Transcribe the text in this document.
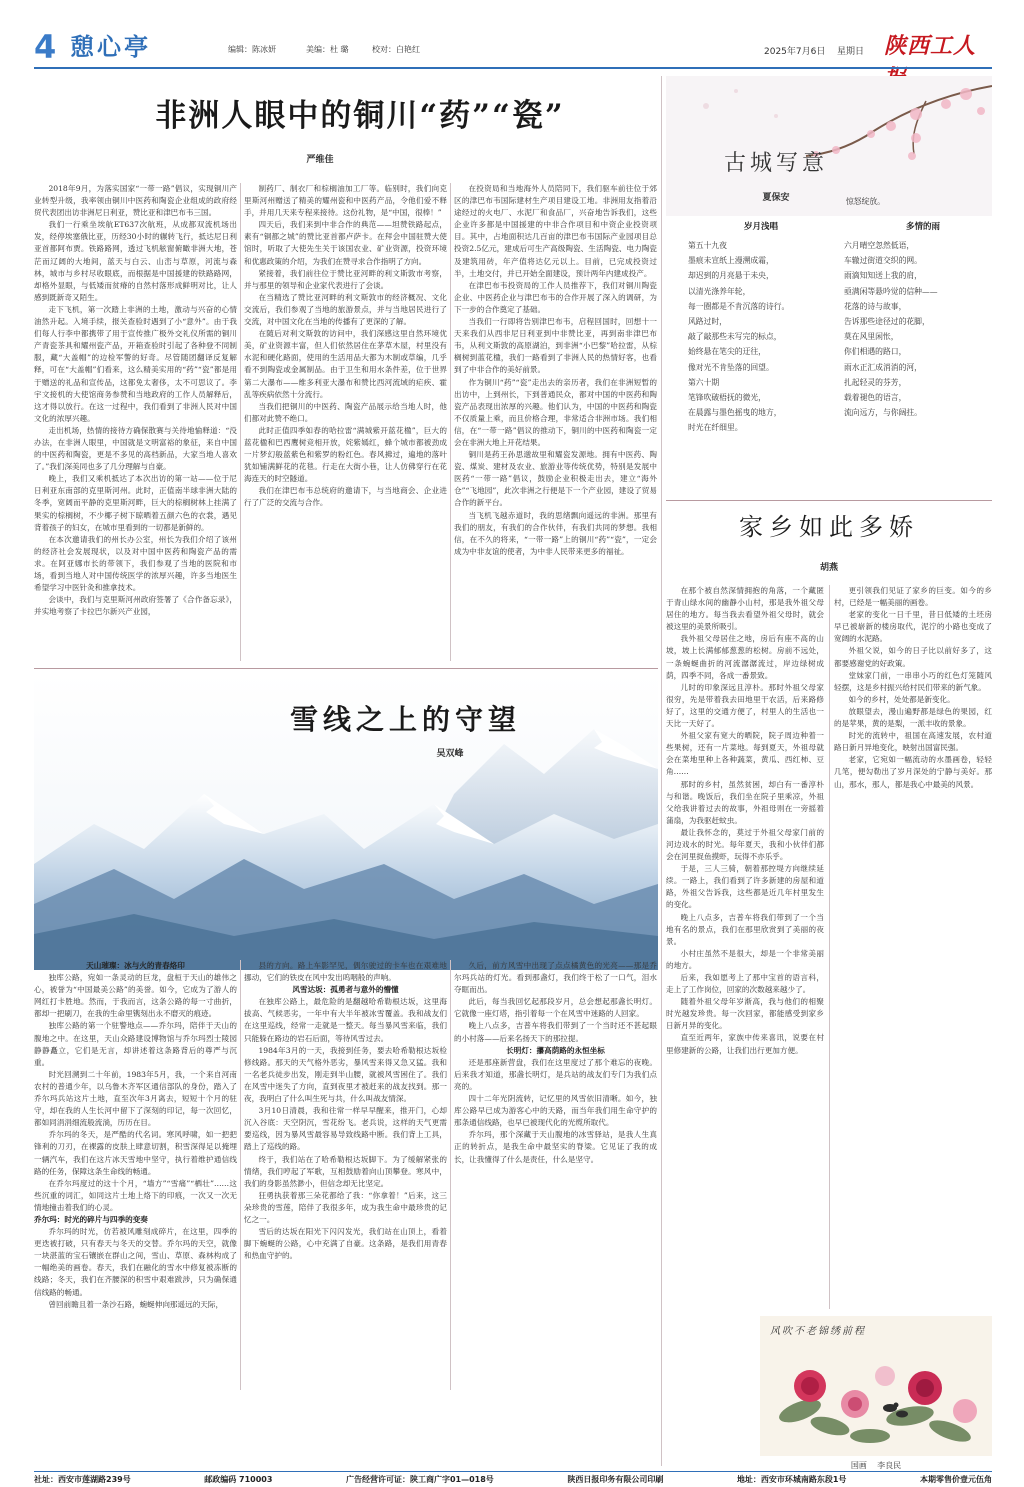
4 憩心亭	编辑：陈冰妍	美编：杜 璐	校对：白艳红	2025年7月6日 星期日 陕西工人
非洲人眼中的铜川“药”“瓷”
严维佳

2018年9月，为落实国家“一带一路”倡议，实现铜川产业转型升级，我率领由铜川中医药和陶瓷企业组成的政府经贸代表团出访非洲尼日利亚，赞比亚和津巴布韦三国。

我们一行乘坐埃航ET637次航班，从成都双流机场出发，经停埃塞俄比亚，历经30小时的辗转飞行，抵达尼日利亚首都阿布贾。铁路路网，透过飞机舷窗俯瞰非洲大地，苍茫而辽阔的大地间，蓝天与白云、山峦与草原，河流与森林，城市与乡村尽收眼底，而根据是中国援建的铁路路网，却格外显眼，与低矮而贫瘠的自然村落形成鲜明对比，让人感到既新奇又陌生。

走下飞机，第一次踏上非洲的土地，激动与兴奋的心情油然升起。入境手续，报关查验时遇到了小“意外”。由于我们每人行李中都携带了用于宣传推广极外交礼仪所需的铜川产青瓷茶具和耀州瓷产品，开箱查验时引起了各种登不同制服，藏“大盖帽”的边检军警的好奇。尽管随团翻译反复解释，可在“大盖帽”们看来，这么精美实用的“药”“瓷”都是用于赠送的礼品和宣传品，这都免太奢侈，太不可思议了。李宇文接机的大使馆商务参赞和当地政府的工作人员解释后，这才得以放行。在这一过程中，我们看到了非洲人民对中国文化的浓厚兴趣。

走出机场，热情的接待方确保散赛与关待地愉释道：“没办法，在非洲人眼里，中国就是文明富裕的象征，来自中国的中医药和陶瓷，更是不多见的高档新品，大家当地人喜欢了。”我们深美同也多了几分理解与自豪。

晚上，我们又乘机抵达了本次出访的第一站——位于尼日利亚东南部的克里斯河州。此时，正值南半球非洲大陆的冬季，宽阔而平静的克里斯河畔，巨大的棕榈树林上挂满了果实的棕榈树，不少椰子树下晾晒着五颜六色的衣裳，遇见背着孩子的妇女，在城市里看到的一切都是新鲜的。

在本次邀请我们的州长办公室，州长为我们介绍了该州的经济社会发展现状，以及对中国中医药和陶瓷产品的需求。在阿亚娜市长的带领下，我们参观了当地的医院和市场，看到当地人对中国传统医学的浓厚兴趣，许多当地医生希望学习中医针灸和推拿技术。

会谈中，我们与克里斯河州政府签署了《合作备忘录》，并实地考察了卡拉巴尔新兴产业园，

制药厂、制衣厂和棕榈油加工厂等。临别时，我们向克里斯河州赠送了精美的耀州瓷和中医药产品，令他们爱不释手，并用几天来专程来接待。这份礼物，是“中国，很棒！”

四天后，我们来到中非合作的典范——坦赞铁路起点，素有“铜都之城”的赞比亚首都卢萨卡。在拜会中国驻赞大使馆时，听取了大使先生关于该国农业、矿业资源，投资环境和优惠政策的介绍，为我们在赞寻求合作指明了方向。

紧接着，我们前往位于赞比亚河畔的利文斯敦市考察，并与那里的领导和企业家代表进行了会谈。

在当精选了赞比亚河畔的利文斯敦市的经济概况、文化交流后，我们参观了当地的旅游景点，并与当地居民进行了交流，对中国文化在当地的传播有了更深的了解。

在随后对利文斯敦的访问中，我们深感这里自然环境优美，矿业资源丰富，但人们依然居住在茅草木屋，村里没有水泥和硬化路面，使用的生活用品大都为木制或草编，几乎看不到陶瓷或金属制品。由于卫生和用水条件差，位于世界第二大瀑布——维多利亚大瀑布和赞比西河流域的疟疾、霍乱等疾病依然十分流行。

当我们把铜川的中医药、陶瓷产品展示给当地人时，他们都对此赞不绝口。

此时正值四季如春的哈拉雷“满城紫开蓝花楹”，巨大的蓝花楹和巴西鹰树竞相开放，姹紫嫣红，蜂个城市都被劲成一片梦幻般蓝紫色和紫罗的粉红色。春风拂过，遍地的落叶犹如铺满鲜花的花毯。行走在大街小巷，让人仿佛穿行在花海连天的时空隧道。

我们在津巴布韦总统府的邀请下，与当地商会、企业进行了广泛的交流与合作。

在投资局和当地海外人员陪同下，我们驱车前往位于郊区的津巴布韦国际建材生产项目建设工地。非洲用友指着沿途经过的火电厂、水泥厂和食品厂，兴奋地告诉我们，这些企业许多都是中国援建的中非合作项目和中资企业投资项目。其中，占地面积达几百亩的津巴布韦国际产业园项目总投资2.5亿元，建成后可生产高级陶瓷、生活陶瓷、电力陶瓷及建筑用砖，年产值将达亿元以上。目前，已完成投资过半，土地交付，并已开始全面建设，预计两年内建成投产。

在津巴布韦投资局的工作人员推荐下，我们对铜川陶瓷企业、中医药企业与津巴布韦的合作开展了深入的调研，为下一步的合作奠定了基础。

当我们一行即将告别津巴布韦，启程回国时，回想十一天来我们从西非尼日利亚到中非赞比亚，再到南非津巴布韦，从利文斯敦的高原湖泊，到非洲“小巴黎”哈拉雷，从棕榈树到蓝花楹，我们一路看到了非洲人民的热情好客，也看到了中非合作的美好前景。

作为铜川“药”“瓷”走出去的亲历者，我们在非洲短暂的出访中，上到州长，下到普通民众，都对中国的中医药和陶瓷产品表现出浓厚的兴趣。他们认为，中国的中医药和陶瓷不仅质量上乘，而且价格合理，非常适合非洲市场。我们相信，在“一带一路”倡议的推动下，铜川的中医药和陶瓷一定会在非洲大地上开花结果。

铜川是药王孙思邈故里和耀瓷发源地。拥有中医药、陶瓷、煤炭、建材及农业、旅游业等传统优势，特别是发展中医药“一带一路”倡议，鼓励企业积极走出去，建立“海外仓”“飞地园”，此次非洲之行便是下一个产业园，建设了贸易合作的新平台。

当飞机飞越赤道时，我的思绪飘向遥远的非洲。那里有我们的朋友，有我们的合作伙伴，有我们共同的梦想。我相信，在不久的将来，“一带一路”上的铜川“药”“瓷”，一定会成为中非友谊的使者，为中非人民带来更多的福祉。

雪线之上的守望
吴双峰

天山璀璨：冰与火的青春烙印

独库公路，宛如一条灵动的巨龙，盘桓于天山的雄伟之心，被誉为“中国最美公路”的美誉。如今，它成为了游人的网红打卡胜地。然而，于我而言，这条公路的每一寸曲折，都却一把刷刀，在我的生命里镌刻出永不磨灭的痕迹。

独库公路的第一个驻警地点——乔尔玛，陪伴于天山的腹地之中。在这里，天山众路建设博物馆与乔尔玛烈士陵园静静矗立，它们是无言，却讲述着这条路背后的尊严与沉重。

时光回溯到二十年前，1983年5月，我，一个来自河南农村的普通少年，以乌鲁木齐军区通信部队的身份，踏入了乔尔玛兵站这片土地，直至次年3月离去，短短十个月的驻守，却在我的人生长河中留下了深刻的印记，每一次回忆，都如同涓涓细流般流淌，历历在目。

乔尔玛的冬天，是严酷的代名词。寒风呼啸，如一把把锋利的刀刃，在裸露的皮肤上肆意切割，积雪深得足以掩埋一辆汽车，我们在这片冰天雪地中坚守，执行着维护通信线路的任务，保障这条生命线的畅通。

在乔尔玛度过的这十个月，“墙方”“雪痛”“栖壮”……这些沉重的词汇，如同这片土地上烙下的印痕，一次又一次无情地撞击着我们的心灵。

乔尔玛：时光的碎片与四季的变奏

乔尔玛的时光，仿若被风雕刻成碎片，在这里，四季的更迭被打破，只有春天与冬天的交替。乔尔玛的天空，就像一块湛蓝的宝石镶嵌在群山之间，雪山、草原、森林构成了一幅绝美的画卷。春天，我们在融化的雪水中修复被冻断的线路；冬天，我们在齐腰深的积雪中艰难跋涉，只为确保通信线路的畅通。

曾回前瞻且着一条沙石路，蜿蜒伸向那遥远的天际，

县的方向。路上车影罕见，偶尔驶过的卡车也在艰难地挪动，它们的铁皮在风中发出呜咽般的声响。

风雪达坂：孤勇者与意外的懵懂

在独库公路上，最危险的是翻越哈希勒根达坂，这里海拔高、气候恶劣，一年中有大半年被冰雪覆盖。我和战友们在这里巡线，经常一走就是一整天。每当暴风雪来临，我们只能躲在路边的岩石后面，等待风雪过去。

1984年3月的一天，我接到任务，要去哈希勒根达坂检修线路。那天的天气格外恶劣，暴风雪来得又急又猛。我和一名老兵徒步出发，刚走到半山腰，就被风雪困住了。我们在风雪中迷失了方向，直到夜里才被赶来的战友找到。那一夜，我明白了什么叫生死与共，什么叫战友情深。

3月10日清晨，我和往常一样早早醒来，推开门，心却沉入谷底：天空阴沉，雪花纷飞。老兵说，这样的天气更需要巡线，因为暴风雪最容易导致线路中断。我们背上工具，踏上了巡线的路。

终于，我们站在了哈希勒根达坂脚下。为了缓解紧张的情绪，我们哼起了军歌，互相鼓励着向山顶攀登。寒风中，我们的身影虽然渺小，但信念却无比坚定。

狂勇执获着那三朵花都给了我：“你拿着！”后来，这三朵珍贵的雪莲，陪伴了我很多年，成为我生命中最珍贵的记忆之一。

雪后的达坂在阳光下闪闪发光，我们站在山顶上，看着脚下蜿蜒的公路，心中充满了自豪。这条路，是我们用青春和热血守护的。

久后，前方风雪中出现了点点橘黄色的光亮——那是乔尔玛兵站的灯光。看到那盏灯，我们终于松了一口气，泪水夺眶而出。

此后，每当我回忆起那段岁月，总会想起那盏长明灯。它就像一座灯塔，指引着每一个在风雪中迷路的人回家。

晚上八点多，吉普车将我们带到了一个当时还不甚起眼的小村落——后来名扬天下的那拉提。

长明灯：攥高荫路的永恒坐标

还是那座新营盘，我们在这里度过了那个难忘的夜晚。后来我才知道，那盏长明灯，是兵站的战友们专门为我们点亮的。

四十二年光阴流转，记忆里的风雪依旧清晰。如今，独库公路早已成为游客心中的天路，而当年我们用生命守护的那条通信线路，也早已被现代化的光缆所取代。

乔尔玛，那个深藏于天山腹地的冰雪驿站，是我人生真正的转折点，是我生命中最坚实的脊梁。它见证了我的成长，让我懂得了什么是责任，什么是坚守。

古城写意
夏保安
岁月浅唱
第五十九夜
墨痕未宣纸上漫溯成霜，
却迟到的月亮悬于未央，
以清光涤养年轮，
每一圈都是不肯沉落的诗行。
风路过时，
敲了敲那些未写完的标点，
始终悬在笔尖的迂往，
像对光不肯坠落的回望。
第六十期
笔锋吹破梧抚的微光，
在晨露与墨色摇曳的地方，
时光在纤细里。
惊怒绽放。
多情的雨
六月晴空忽然低语，
车辙过街道交织的网。
雨滴知知送上我的肩，
亟满闲等悬吟觉的信种——
花落的诗与故事，
告诉那些途径过的花脚，
莫在风里闲怅，
你们相遇的路口，
雨水正汇成消消的河，
扎起轻灵的芬芳，
载着褪色的语言，
流向远方，与你阔拄。
家乡如此多娇
胡燕

在那个被自然深情拥抱的角落，一个藏匿于青山绿水间的幽静小山村，那是我外祖父母居住的地方。每当我去看望外祖父母时，就会被这里的美景所吸引。

我外祖父母居住之地，房后有座不高的山坡，坡上长满郁郁葱葱的松树。房前不远处，一条蜿蜒曲折的河流潺潺流过，岸边绿树成荫，四季不同，各成一番景致。

儿时的印象深远且淳朴。那时外祖父母家很穷，先是带着我去田地里干农活，后来路修好了，这里的交通方便了，村里人的生活也一天比一天好了。

外祖父家有宽大的晒院，院子周边种着一些果树，还有一片菜地。每到夏天，外祖母就会在菜地里种上各种蔬菜，黄瓜、西红柿、豆角……

那时的乡村，虽然贫困，却白有一番淳朴与和谐。晚饭后，我们坐在院子里乘凉，外祖父给我讲着过去的故事，外祖母则在一旁摇着蒲扇，为我驱赶蚊虫。

最让我怀念的，莫过于外祖父母家门前的河边戏水的时光。每年夏天，我和小伙伴们都会在河里捉鱼摸虾，玩得不亦乐乎。

于是，三人三骑，朝着那控堤方向继续延续。一路上，我们看到了许多新建的房屋和道路，外祖父告诉我，这些都是近几年村里发生的变化。

晚上八点多，吉普车将我们带到了一个当地有名的景点，我们在那里欣赏到了美丽的夜景。

小村庄虽然不是很大，却是一个非常美丽的地方。

后来，我如愿考上了那中宝首的语言科，走上了工作岗位，回家的次数越来越少了。

随着外祖父母年岁渐高，我与他们的相聚时光越发珍贵。每一次回家，都能感受到家乡日新月异的变化。

直至近两年，家族中传来喜讯，说要在村里修建新的公路，让我们出行更加方便。

更引领我们见证了家乡的巨变。如今的乡村，已经是一幅美丽的画卷。

老家的变化一日千里，昔日低矮的土坯房早已被崭新的楼房取代，泥泞的小路也变成了宽阔的水泥路。

外祖父说，如今的日子比以前好多了，这都要感谢党的好政策。

堂妹家门前，一串串小巧的红色灯笼随风轻摆，这是乡村振兴给村民们带来的新气象。

如今的乡村，处处都是新变化。

放眼望去，漫山遍野都是绿色的果园，红的是苹果，黄的是梨，一派丰收的景象。

时光的流转中，祖国在高速发展，农村道路日新月异地变化，映射出国富民强。

老家，它宛如一幅流动的水墨画卷，轻轻几笔，便勾勒出了岁月深处的宁静与美好。那山，那水，那人，都是我心中最美的风景。

风吹不老锦绣前程
国画 李良民
社址：西安市莲湖路239号	邮政编码 710003	广告经营许可证：陕工商广字01—018号	陕西日报印务有限公司印刷	地址：西安市环城南路东段1号	本期零售价壹元伍角
